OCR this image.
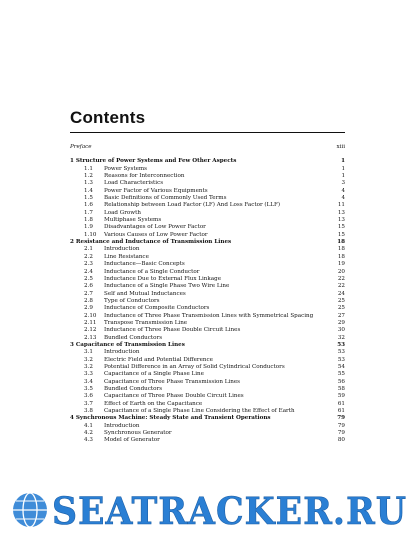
Contents
Preface	xiii
1 Structure of Power Systems and Few Other Aspects	1
1.1 Power Systems	1
1.2 Reasons for Interconnection	1
1.3 Load Characteristics	3
1.4 Power Factor of Various Equipments	4
1.5 Basic Definitions of Commonly Used Terms	4
1.6 Relationship between Load Factor (LF) And Loss Factor (LLF)	11
1.7 Load Growth	13
1.8 Multiphase Systems	13
1.9 Disadvantages of Low Power Factor	15
1.10 Various Causes of Low Power Factor	15
2 Resistance and Inductance of Transmission Lines	18
2.1 Introduction	18
2.2 Line Resistance	18
2.3 Inductance—Basic Concepts	19
2.4 Inductance of a Single Conductor	20
2.5 Inductance Due to External Flux Linkage	22
2.6 Inductance of a Single Phase Two Wire Line	22
2.7 Self and Mutual Inductances	24
2.8 Type of Conductors	25
2.9 Inductance of Composite Conductors	25
2.10 Inductance of Three Phase Transmission Lines with Symmetrical Spacing	27
2.11 Transpose Transmission Line	29
2.12 Inductance of Three Phase Double Circuit Lines	30
2.13 Bundled Conductors	32
3 Capacitance of Transmission Lines	53
3.1 Introduction	53
3.2 Electric Field and Potential Difference	53
3.2 Potential Difference in an Array of Solid Cylindrical Conductors	54
3.3 Capacitance of a Single Phase Line	55
3.4 Capacitance of Three Phase Transmission Lines	56
3.5 Bundled Conductors	58
3.6 Capacitance of Three Phase Double Circuit Lines	59
3.7 Effect of Earth on the Capacitance	61
3.8 Capacitance of a Single Phase Line Considering the Effect of Earth	61
4 Synchronous Machine: Steady State and Transient Operations	79
4.1 Introduction	79
4.2 Synchronous Generator	79
4.3 Model of Generator	80
SEATRACKER.RU
